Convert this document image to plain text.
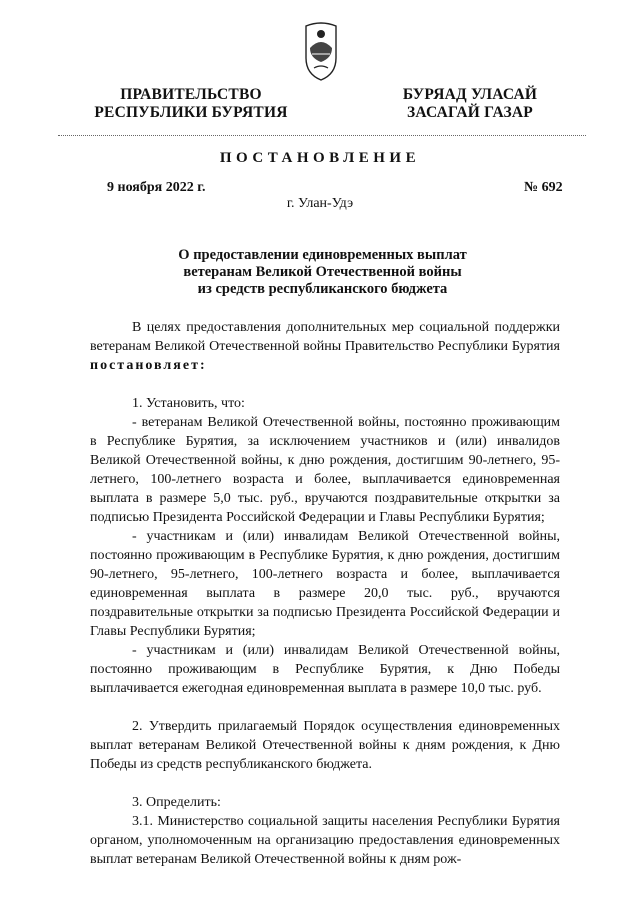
ПРАВИТЕЛЬСТВО
РЕСПУБЛИКИ БУРЯТИЯ
БУРЯАД УЛАСАЙ
ЗАСАГАЙ ГАЗАР
ПОСТАНОВЛЕНИЕ
9 ноября 2022 г.	№ 692
г. Улан-Удэ
О предоставлении единовременных выплат
ветеранам Великой Отечественной войны
из средств республиканского бюджета

В целях предоставления дополнительных мер социальной поддержки ветеранам Великой Отечественной войны Правительство Республики Бурятия постановляет:

1. Установить, что:

- ветеранам Великой Отечественной войны, постоянно проживающим в Республике Бурятия, за исключением участников и (или) инвалидов Великой Отечественной войны, к дню рождения, достигшим 90-летнего, 95-летнего, 100-летнего возраста и более, выплачивается единовременная выплата в размере 5,0 тыс. руб., вручаются поздравительные открытки за подписью Президента Российской Федерации и Главы Республики Бурятия;

- участникам и (или) инвалидам Великой Отечественной войны, постоянно проживающим в Республике Бурятия, к дню рождения, достигшим 90-летнего, 95-летнего, 100-летнего возраста и более, выплачивается единовременная выплата в размере 20,0 тыс. руб., вручаются поздравительные открытки за подписью Президента Российской Федерации и Главы Республики Бурятия;

- участникам и (или) инвалидам Великой Отечественной войны, постоянно проживающим в Республике Бурятия, к Дню Победы выплачивается ежегодная единовременная выплата в размере 10,0 тыс. руб.

2. Утвердить прилагаемый Порядок осуществления единовременных выплат ветеранам Великой Отечественной войны к дням рождения, к Дню Победы из средств республиканского бюджета.

3. Определить:

3.1. Министерство социальной защиты населения Республики Бурятия органом, уполномоченным на организацию предоставления единовременных выплат ветеранам Великой Отечественной войны к дням рож-
